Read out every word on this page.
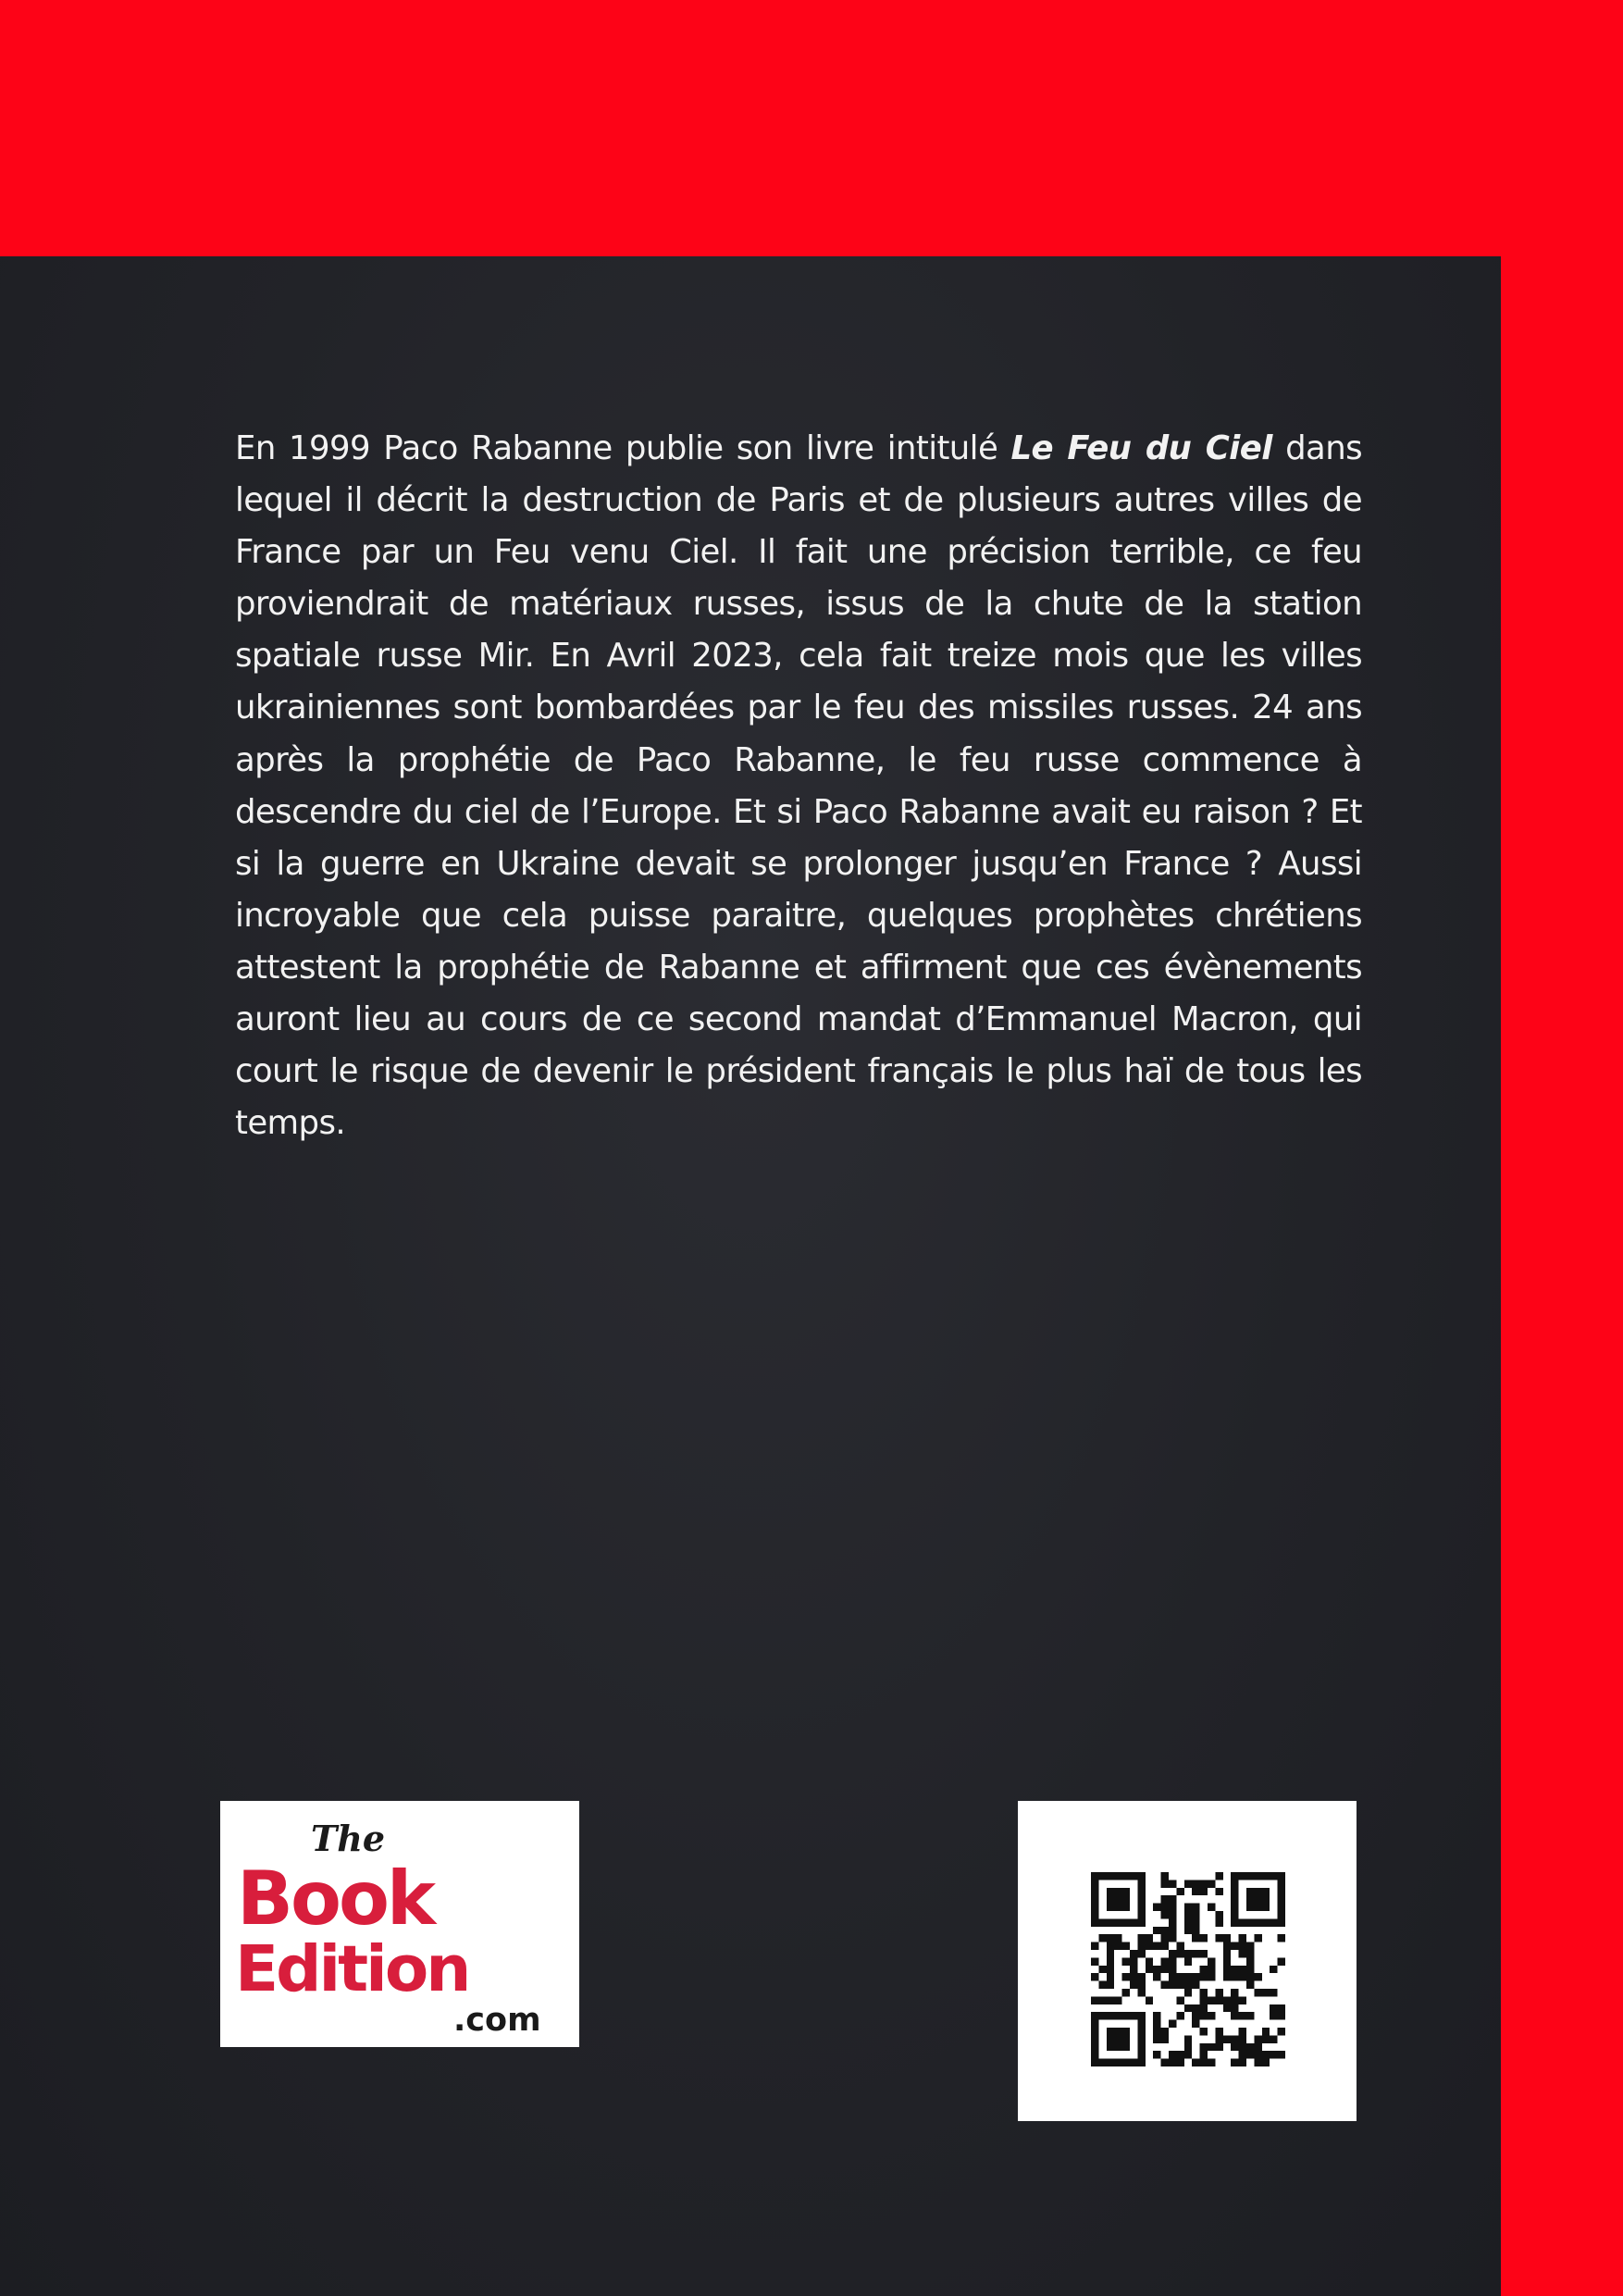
En 1999 Paco Rabanne publie son livre intitulé Le Feu du Ciel dans lequel il décrit la destruction de Paris et de plusieurs autres villes de France par un Feu venu Ciel. Il fait une précision terrible, ce feu proviendrait de matériaux russes, issus de la chute de la station spatiale russe Mir. En Avril 2023, cela fait treize mois que les villes ukrainiennes sont bombardées par le feu des missiles russes. 24 ans après la prophétie de Paco Rabanne, le feu russe commence à descendre du ciel de l’Europe. Et si Paco Rabanne avait eu raison ? Et si la guerre en Ukraine devait se prolonger jusqu’en France ? Aussi incroyable que cela puisse paraitre, quelques prophètes chrétiens attestent la prophétie de Rabanne et affirment que ces évènements auront lieu au cours de ce second mandat d’Emmanuel Macron, qui court le risque de devenir le président français le plus haï de tous les temps.

The
Book
Edition
.com
